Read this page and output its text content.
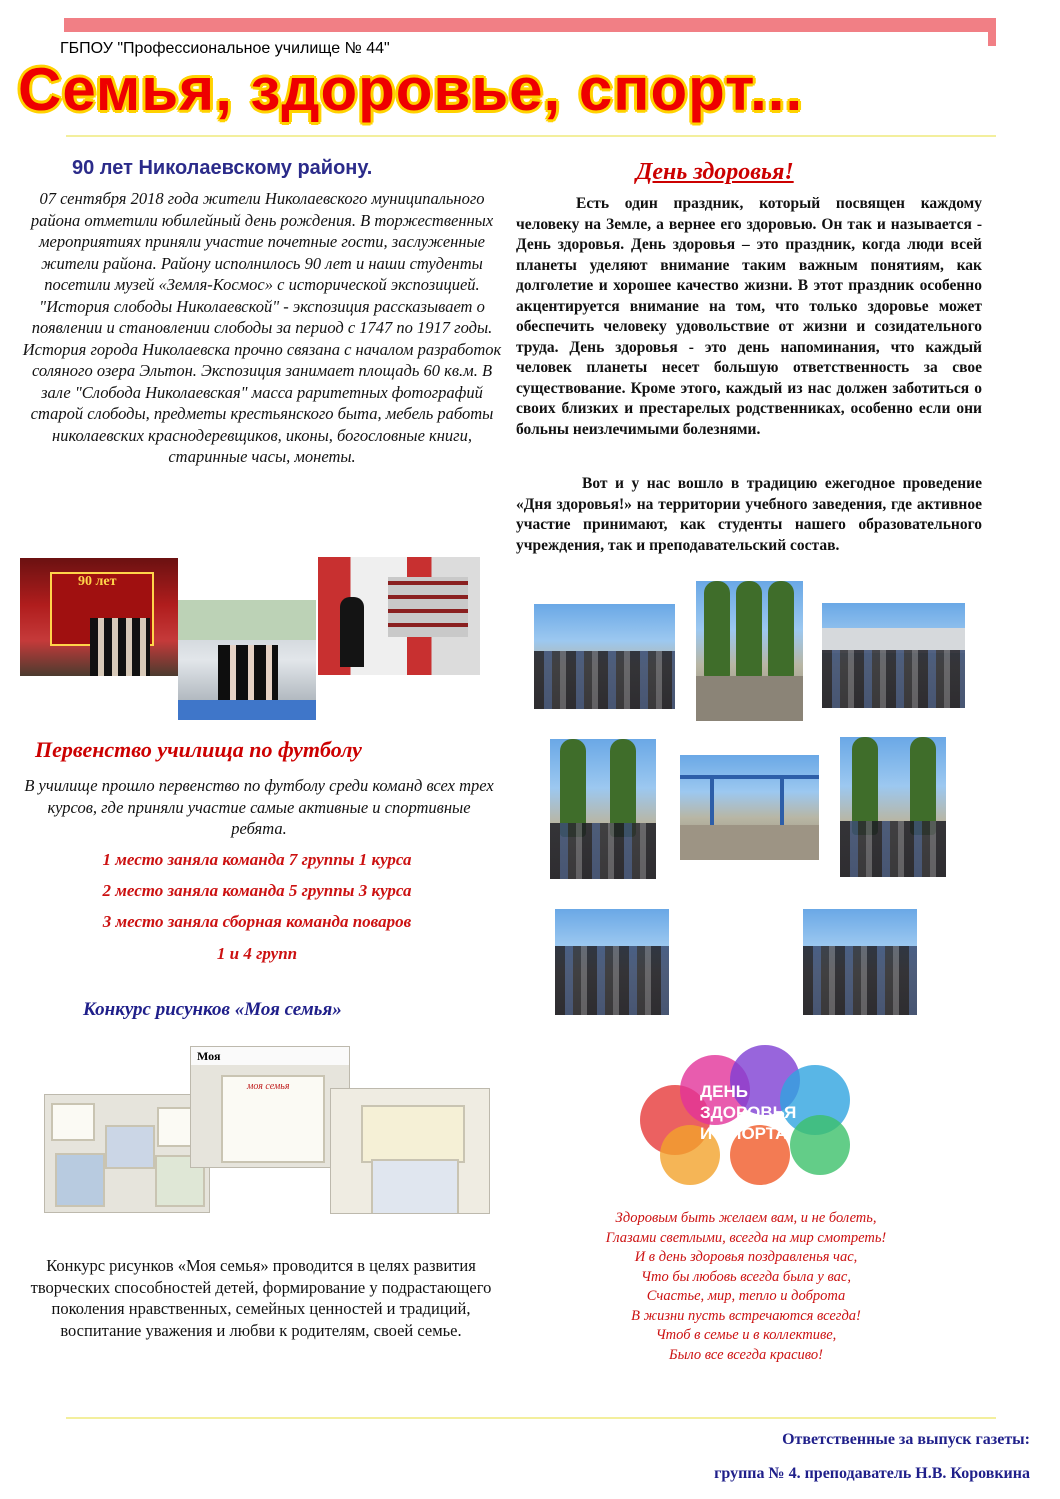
ГБПОУ "Профессиональное училище № 44"
Семья, здоровье, спорт...
90 лет Николаевскому району.
07 сентября 2018 года жители Николаевского муниципального района отметили юбилейный день рождения. В торжественных мероприятиях приняли участие почетные гости, заслуженные жители района. Району исполнилось 90 лет и наши студенты посетили музей «Земля-Космос» с исторической экспозицией. "История слободы Николаевской" - экспозиция рассказывает о появлении и становлении слободы за период с 1747 по 1917 годы. История города Николаевска прочно связана с началом разработок соляного озера Эльтон. Экспозиция занимает площадь 60 кв.м. В зале "Слобода Николаевская" масса раритетных фотографий старой слободы, предметы крестьянского быта, мебель работы николаевских краснодеревщиков, иконы, богословные книги, старинные часы, монеты.
90 лет
Первенство училища по футболу
В училище прошло первенство по футболу среди команд всех трех курсов, где приняли участие самые активные и спортивные ребята.
1 место заняла команда 7 группы 1 курса
2 место заняла команда 5 группы 3 курса
3 место заняла сборная команда поваров
1 и 4 групп
Конкурс рисунков «Моя семья»
Моя
моя семья
Конкурс рисунков «Моя семья» проводится в целях развития творческих способностей детей, формирование у подрастающего поколения нравственных, семейных ценностей и традиций, воспитание уважения и любви к родителям, своей семье.
День здоровья!
Есть один праздник, который посвящен каждому человеку на Земле, а вернее его здоровью. Он так и называется - День здоровья. День здоровья – это праздник, когда люди всей планеты уделяют внимание таким важным понятиям, как долголетие и хорошее качество жизни. В этот праздник особенно акцентируется внимание на том, что только здоровье может обеспечить человеку удовольствие от жизни и созидательного труда. День здоровья - это день напоминания, что каждый человек планеты несет большую ответственность за свое существование. Кроме этого, каждый из нас должен заботиться о своих близких и престарелых родственниках, особенно если они больны неизлечимыми болезнями.
Вот и у нас вошло в традицию ежегодное проведение «Дня здоровья!» на территории учебного заведения, где активное участие принимают, как студенты нашего образовательного учреждения, так и преподавательский состав.
ДЕНЬ
ЗДОРОВЬЯ
И СПОРТА
Здоровым быть желаем вам, и не болеть,
Глазами светлыми, всегда на мир смотреть!
И в день здоровья поздравленья час,
Что бы любовь всегда была у вас,
Счастье, мир, тепло и доброта
В жизни пусть встречаются всегда!
Чтоб в семье и в коллективе,
Было все всегда красиво!
Ответственные за выпуск газеты:
группа № 4. преподаватель Н.В. Коровкина
